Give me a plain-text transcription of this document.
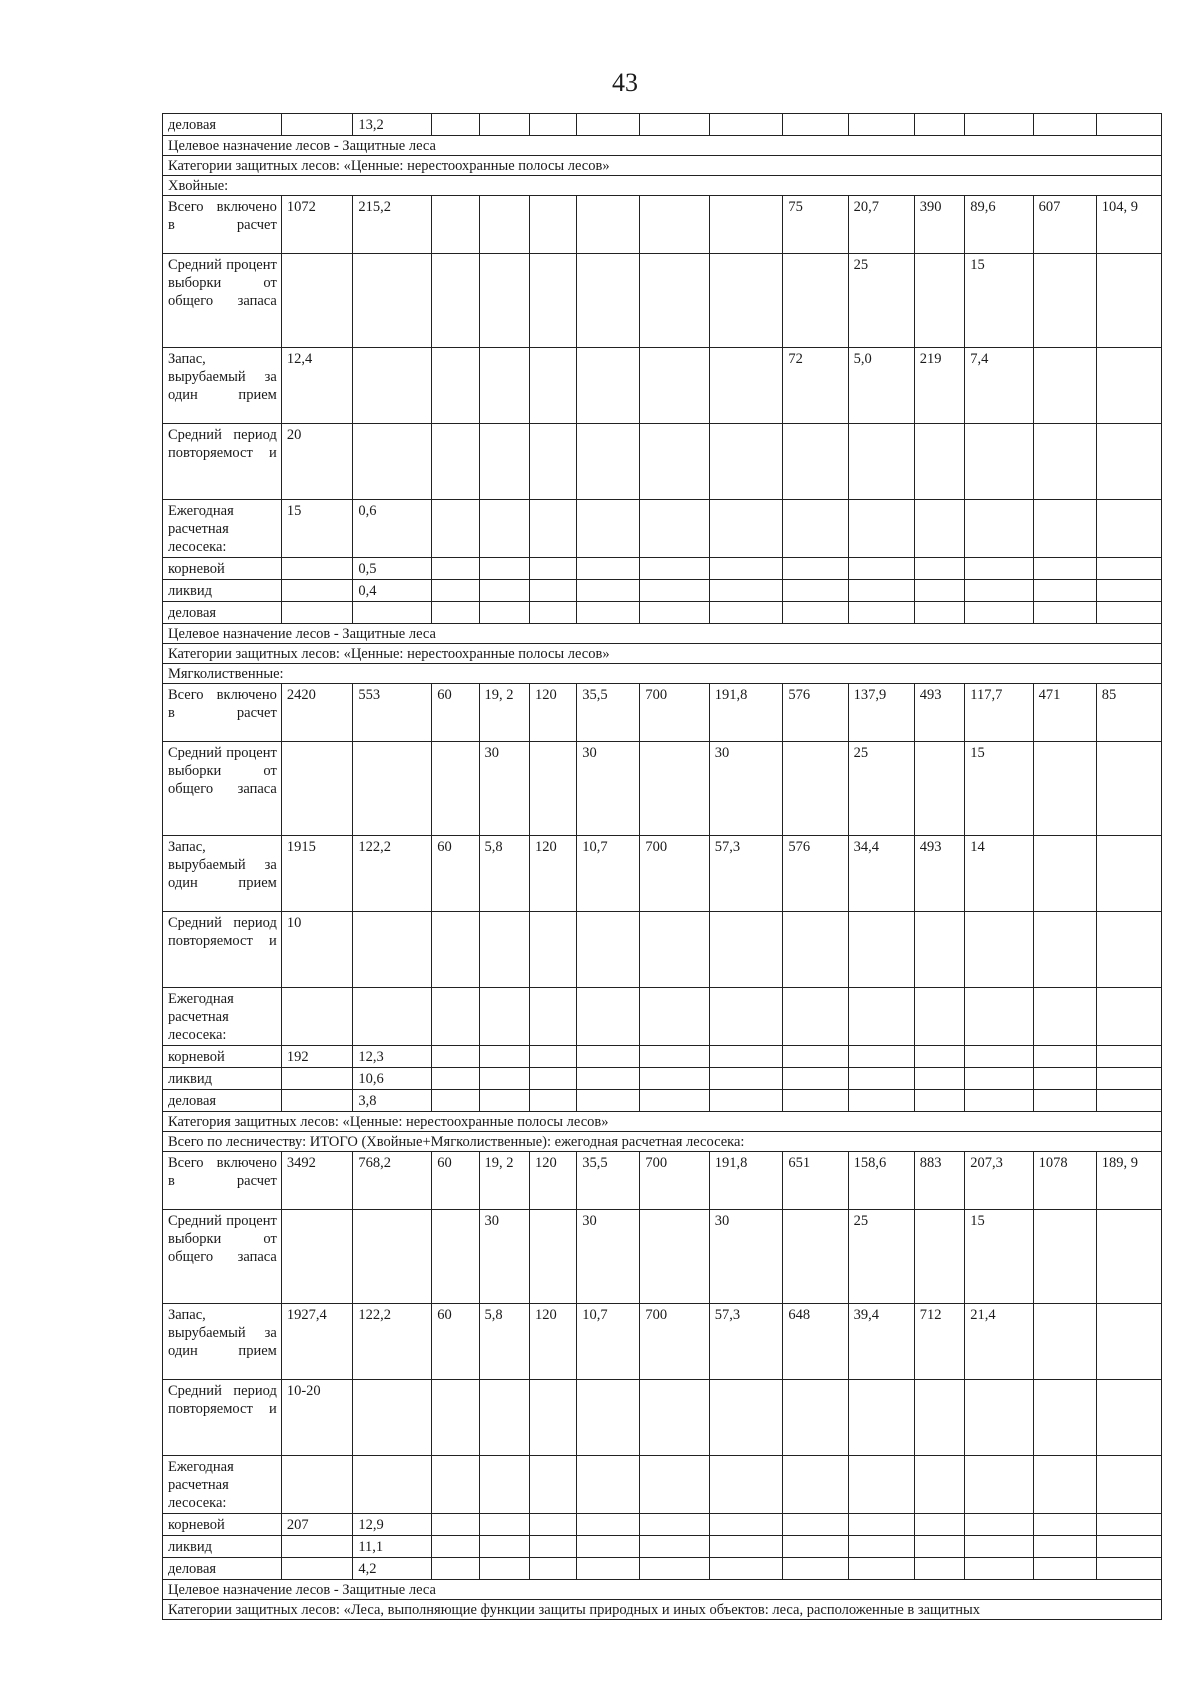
43
деловая		13,2												
Целевое назначение лесов - Защитные леса														
Категории защитных лесов: «Ценные: нерестоохранные полосы лесов»														
Хвойные:														
Всего включено в расчет	1072	215,2							75	20,7	390	89,6	607	104, 9
Средний процент выборки от общего запаса										25		15		
Запас, вырубаемый за один прием	12,4								72	5,0	219	7,4		
Средний период повторяемост и	20													
Ежегодная расчетная лесосека:	15	0,6												
корневой		0,5												
ликвид		0,4												
деловая														
Целевое назначение лесов - Защитные леса														
Категории защитных лесов: «Ценные: нерестоохранные полосы лесов»														
Мягколиственные:														
Всего включено в расчет	2420	553	60	19, 2	120	35,5	700	191,8	576	137,9	493	117,7	471	85
Средний процент выборки от общего запаса				30		30		30		25		15		
Запас, вырубаемый за один прием	1915	122,2	60	5,8	120	10,7	700	57,3	576	34,4	493	14		
Средний период повторяемост и	10													
Ежегодная расчетная лесосека:														
корневой	192	12,3												
ликвид		10,6												
деловая		3,8												
Категория защитных лесов: «Ценные: нерестоохранные полосы лесов»														
Всего по лесничеству: ИТОГО (Хвойные+Мягколиственные): ежегодная расчетная лесосека:														
Всего включено в расчет	3492	768,2	60	19, 2	120	35,5	700	191,8	651	158,6	883	207,3	1078	189, 9
Средний процент выборки от общего запаса				30		30		30		25		15		
Запас, вырубаемый за один прием	1927,4	122,2	60	5,8	120	10,7	700	57,3	648	39,4	712	21,4		
Средний период повторяемост и	10-20													
Ежегодная расчетная лесосека:														
корневой	207	12,9												
ликвид		11,1												
деловая		4,2												
Целевое назначение лесов - Защитные леса														
Категории защитных лесов: «Леса, выполняющие функции защиты природных и иных объектов: леса, расположенные в защитных														
